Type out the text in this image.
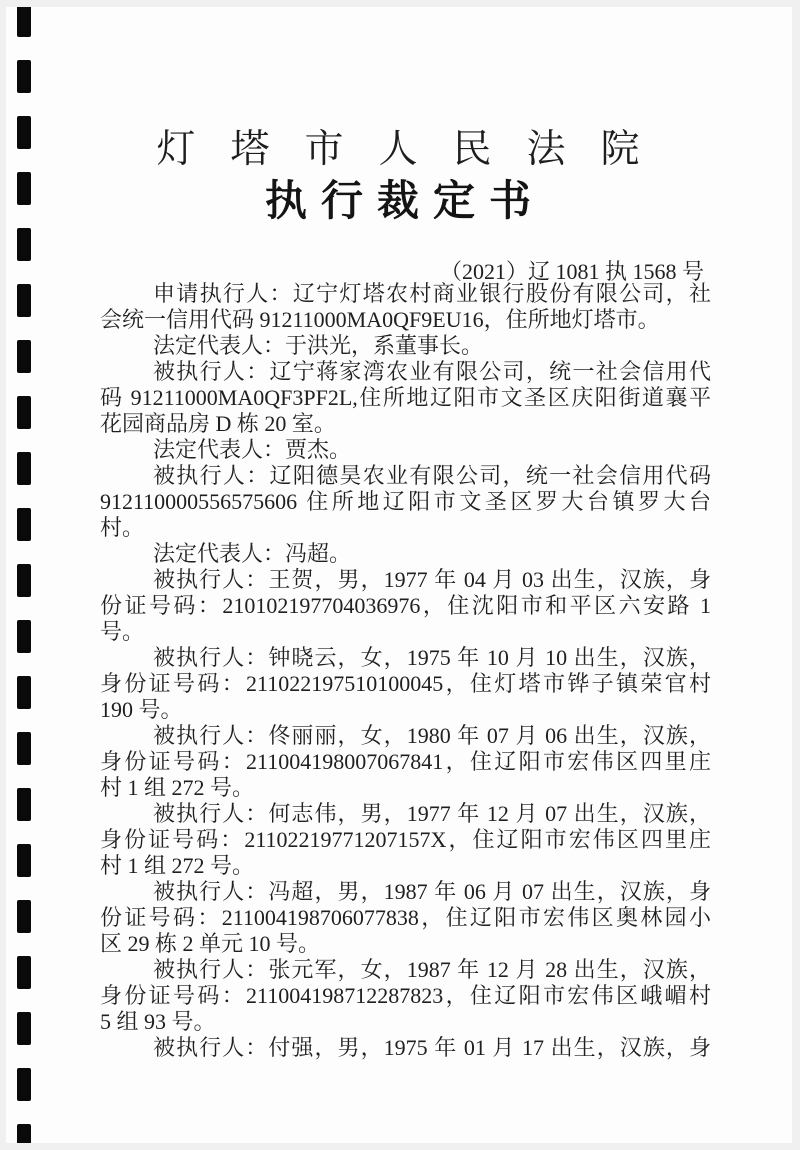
灯塔市人民法院
执行裁定书
（2021）辽 1081 执 1568 号
申请执行人：辽宁灯塔农村商业银行股份有限公司，社
会统一信用代码 91211000MA0QF9EU16，住所地灯塔市。
法定代表人：于洪光，系董事长。
被执行人：辽宁蒋家湾农业有限公司，统一社会信用代
码 91211000MA0QF3PF2L,住所地辽阳市文圣区庆阳街道襄平
花园商品房 D 栋 20 室。
法定代表人：贾杰。
被执行人：辽阳德昊农业有限公司，统一社会信用代码
912110000556575606 住所地辽阳市文圣区罗大台镇罗大台
村。
法定代表人：冯超。
被执行人：王贺，男，1977 年 04 月 03 出生，汉族，身
份证号码：210102197704036976，住沈阳市和平区六安路 1
号。
被执行人：钟晓云，女，1975 年 10 月 10 出生，汉族，
身份证号码：211022197510100045，住灯塔市铧子镇荣官村
190 号。
被执行人：佟丽丽，女，1980 年 07 月 06 出生，汉族，
身份证号码：211004198007067841，住辽阳市宏伟区四里庄
村 1 组 272 号。
被执行人：何志伟，男，1977 年 12 月 07 出生，汉族，
身份证号码：21102219771207157X，住辽阳市宏伟区四里庄
村 1 组 272 号。
被执行人：冯超，男，1987 年 06 月 07 出生，汉族，身
份证号码：211004198706077838，住辽阳市宏伟区奥林园小
区 29 栋 2 单元 10 号。
被执行人：张元军，女，1987 年 12 月 28 出生，汉族，
身份证号码：211004198712287823，住辽阳市宏伟区峨嵋村
5 组 93 号。
被执行人：付强，男，1975 年 01 月 17 出生，汉族，身
